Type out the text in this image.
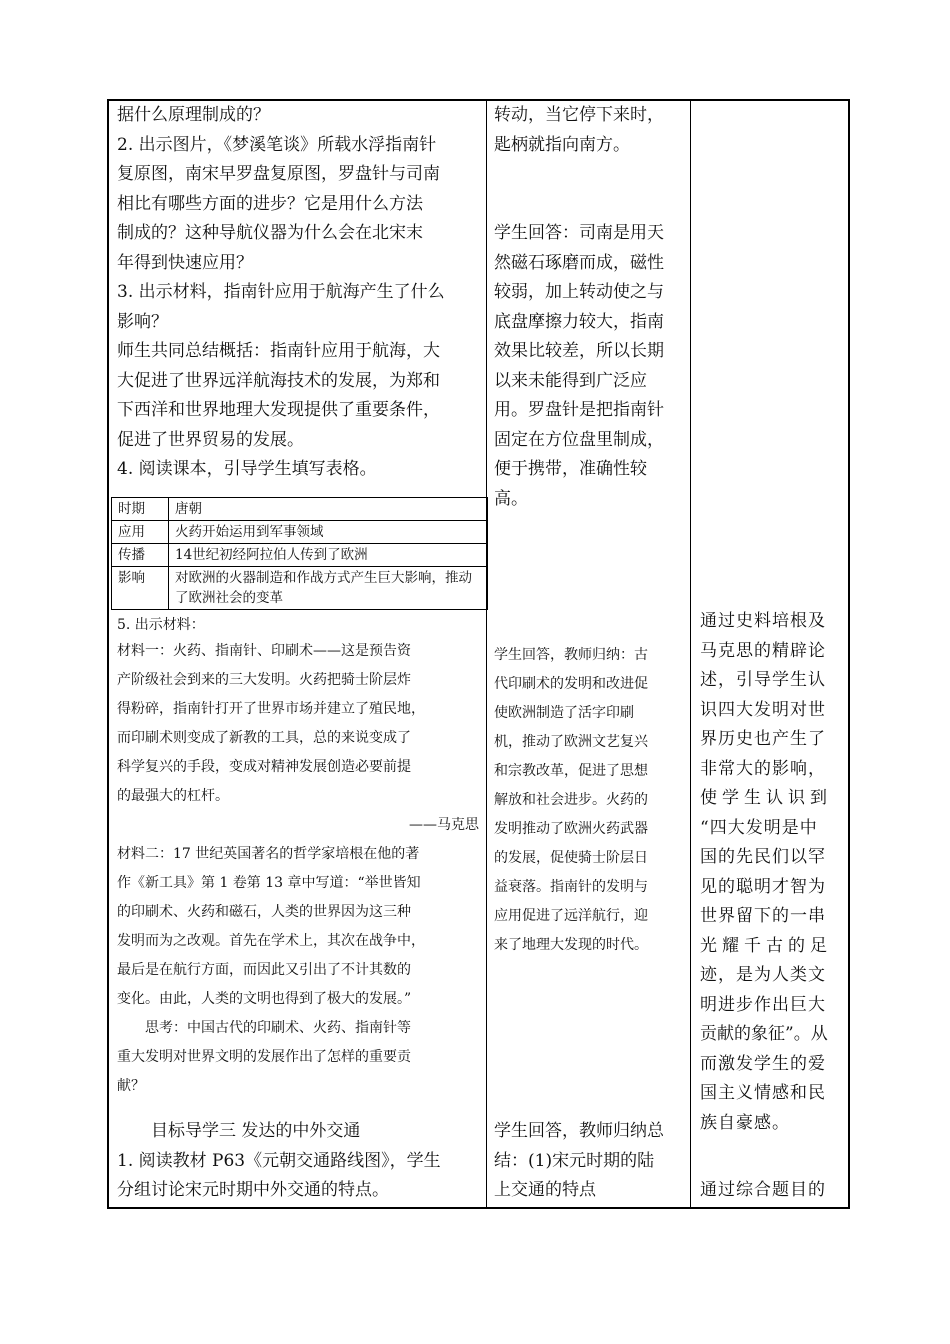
据什么原理制成的？

2. 出示图片，《梦溪笔谈》所载水浮指南针

复原图，南宋早罗盘复原图，罗盘针与司南

相比有哪些方面的进步？它是用什么方法

制成的？这种导航仪器为什么会在北宋末

年得到快速应用？

3. 出示材料，指南针应用于航海产生了什么

影响？

师生共同总结概括：指南针应用于航海，大

大促进了世界远洋航海技术的发展，为郑和

下西洋和世界地理大发现提供了重要条件，

促进了世界贸易的发展。

4. 阅读课本，引导学生填写表格。

时期	唐朝
应用	火药开始运用到军事领域
传播	14世纪初经阿拉伯人传到了欧洲
影响	对欧洲的火器制造和作战方式产生巨大影响，推动了欧洲社会的变革

5. 出示材料：

材料一：火药、指南针、印刷术——这是预告资

产阶级社会到来的三大发明。火药把骑士阶层炸

得粉碎，指南针打开了世界市场并建立了殖民地，

而印刷术则变成了新教的工具，总的来说变成了

科学复兴的手段，变成对精神发展创造必要前提

的最强大的杠杆。

——马克思

材料二：17 世纪英国著名的哲学家培根在他的著

作《新工具》第 1 卷第 13 章中写道：“举世皆知

的印刷术、火药和磁石，人类的世界因为这三种

发明而为之改观。首先在学术上，其次在战争中，

最后是在航行方面，而因此又引出了不计其数的

变化。由此，人类的文明也得到了极大的发展。”

思考：中国古代的印刷术、火药、指南针等

重大发明对世界文明的发展作出了怎样的重要贡

献？

目标导学三 发达的中外交通

1. 阅读教材 P63《元朝交通路线图》，学生

分组讨论宋元时期中外交通的特点。

转动，当它停下来时，

匙柄就指向南方。

学生回答：司南是用天

然磁石琢磨而成，磁性

较弱，加上转动使之与

底盘摩擦力较大，指南

效果比较差，所以长期

以来未能得到广泛应

用。罗盘针是把指南针

固定在方位盘里制成，

便于携带，准确性较

高。

学生回答，教师归纳：古

代印刷术的发明和改进促

使欧洲制造了活字印刷

机，推动了欧洲文艺复兴

和宗教改革，促进了思想

解放和社会进步。火药的

发明推动了欧洲火药武器

的发展，促使骑士阶层日

益衰落。指南针的发明与

应用促进了远洋航行，迎

来了地理大发现的时代。

学生回答，教师归纳总

结：(1)宋元时期的陆

上交通的特点

通过史料培根及

马克思的精辟论

述，引导学生认

识四大发明对世

界历史也产生了

非常大的影响，

使学生认识到

“四大发明是中

国的先民们以罕

见的聪明才智为

世界留下的一串

光耀千古的足

迹，是为人类文

明进步作出巨大

贡献的象征”。从

而激发学生的爱

国主义情感和民

族自豪感。

通过综合题目的
